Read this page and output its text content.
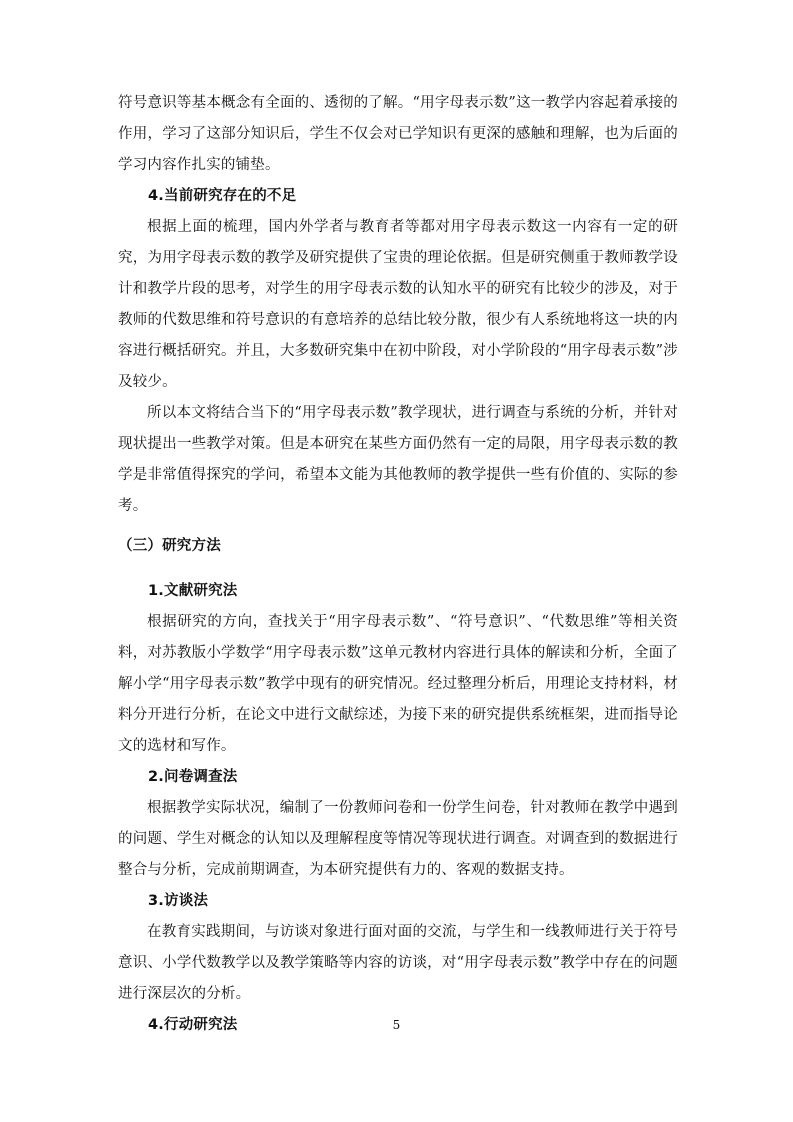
符号意识等基本概念有全面的、透彻的了解。“用字母表示数”这一教学内容起着承接的作用，学习了这部分知识后，学生不仅会对已学知识有更深的感触和理解，也为后面的学习内容作扎实的铺垫。

4.当前研究存在的不足

根据上面的梳理，国内外学者与教育者等都对用字母表示数这一内容有一定的研究，为用字母表示数的教学及研究提供了宝贵的理论依据。但是研究侧重于教师教学设计和教学片段的思考，对学生的用字母表示数的认知水平的研究有比较少的涉及，对于教师的代数思维和符号意识的有意培养的总结比较分散，很少有人系统地将这一块的内容进行概括研究。并且，大多数研究集中在初中阶段，对小学阶段的“用字母表示数”涉及较少。

所以本文将结合当下的“用字母表示数”教学现状，进行调查与系统的分析，并针对现状提出一些教学对策。但是本研究在某些方面仍然有一定的局限，用字母表示数的教学是非常值得探究的学问，希望本文能为其他教师的教学提供一些有价值的、实际的参考。

（三）研究方法

1.文献研究法

根据研究的方向，查找关于“用字母表示数”、“符号意识”、“代数思维”等相关资料，对苏教版小学数学“用字母表示数”这单元教材内容进行具体的解读和分析，全面了解小学“用字母表示数”教学中现有的研究情况。经过整理分析后，用理论支持材料，材料分开进行分析，在论文中进行文献综述，为接下来的研究提供系统框架，进而指导论文的选材和写作。

2.问卷调查法

根据教学实际状况，编制了一份教师问卷和一份学生问卷，针对教师在教学中遇到的问题、学生对概念的认知以及理解程度等情况等现状进行调查。对调查到的数据进行整合与分析，完成前期调查，为本研究提供有力的、客观的数据支持。

3.访谈法

在教育实践期间，与访谈对象进行面对面的交流，与学生和一线教师进行关于符号意识、小学代数教学以及教学策略等内容的访谈，对“用字母表示数”教学中存在的问题进行深层次的分析。

4.行动研究法	5
